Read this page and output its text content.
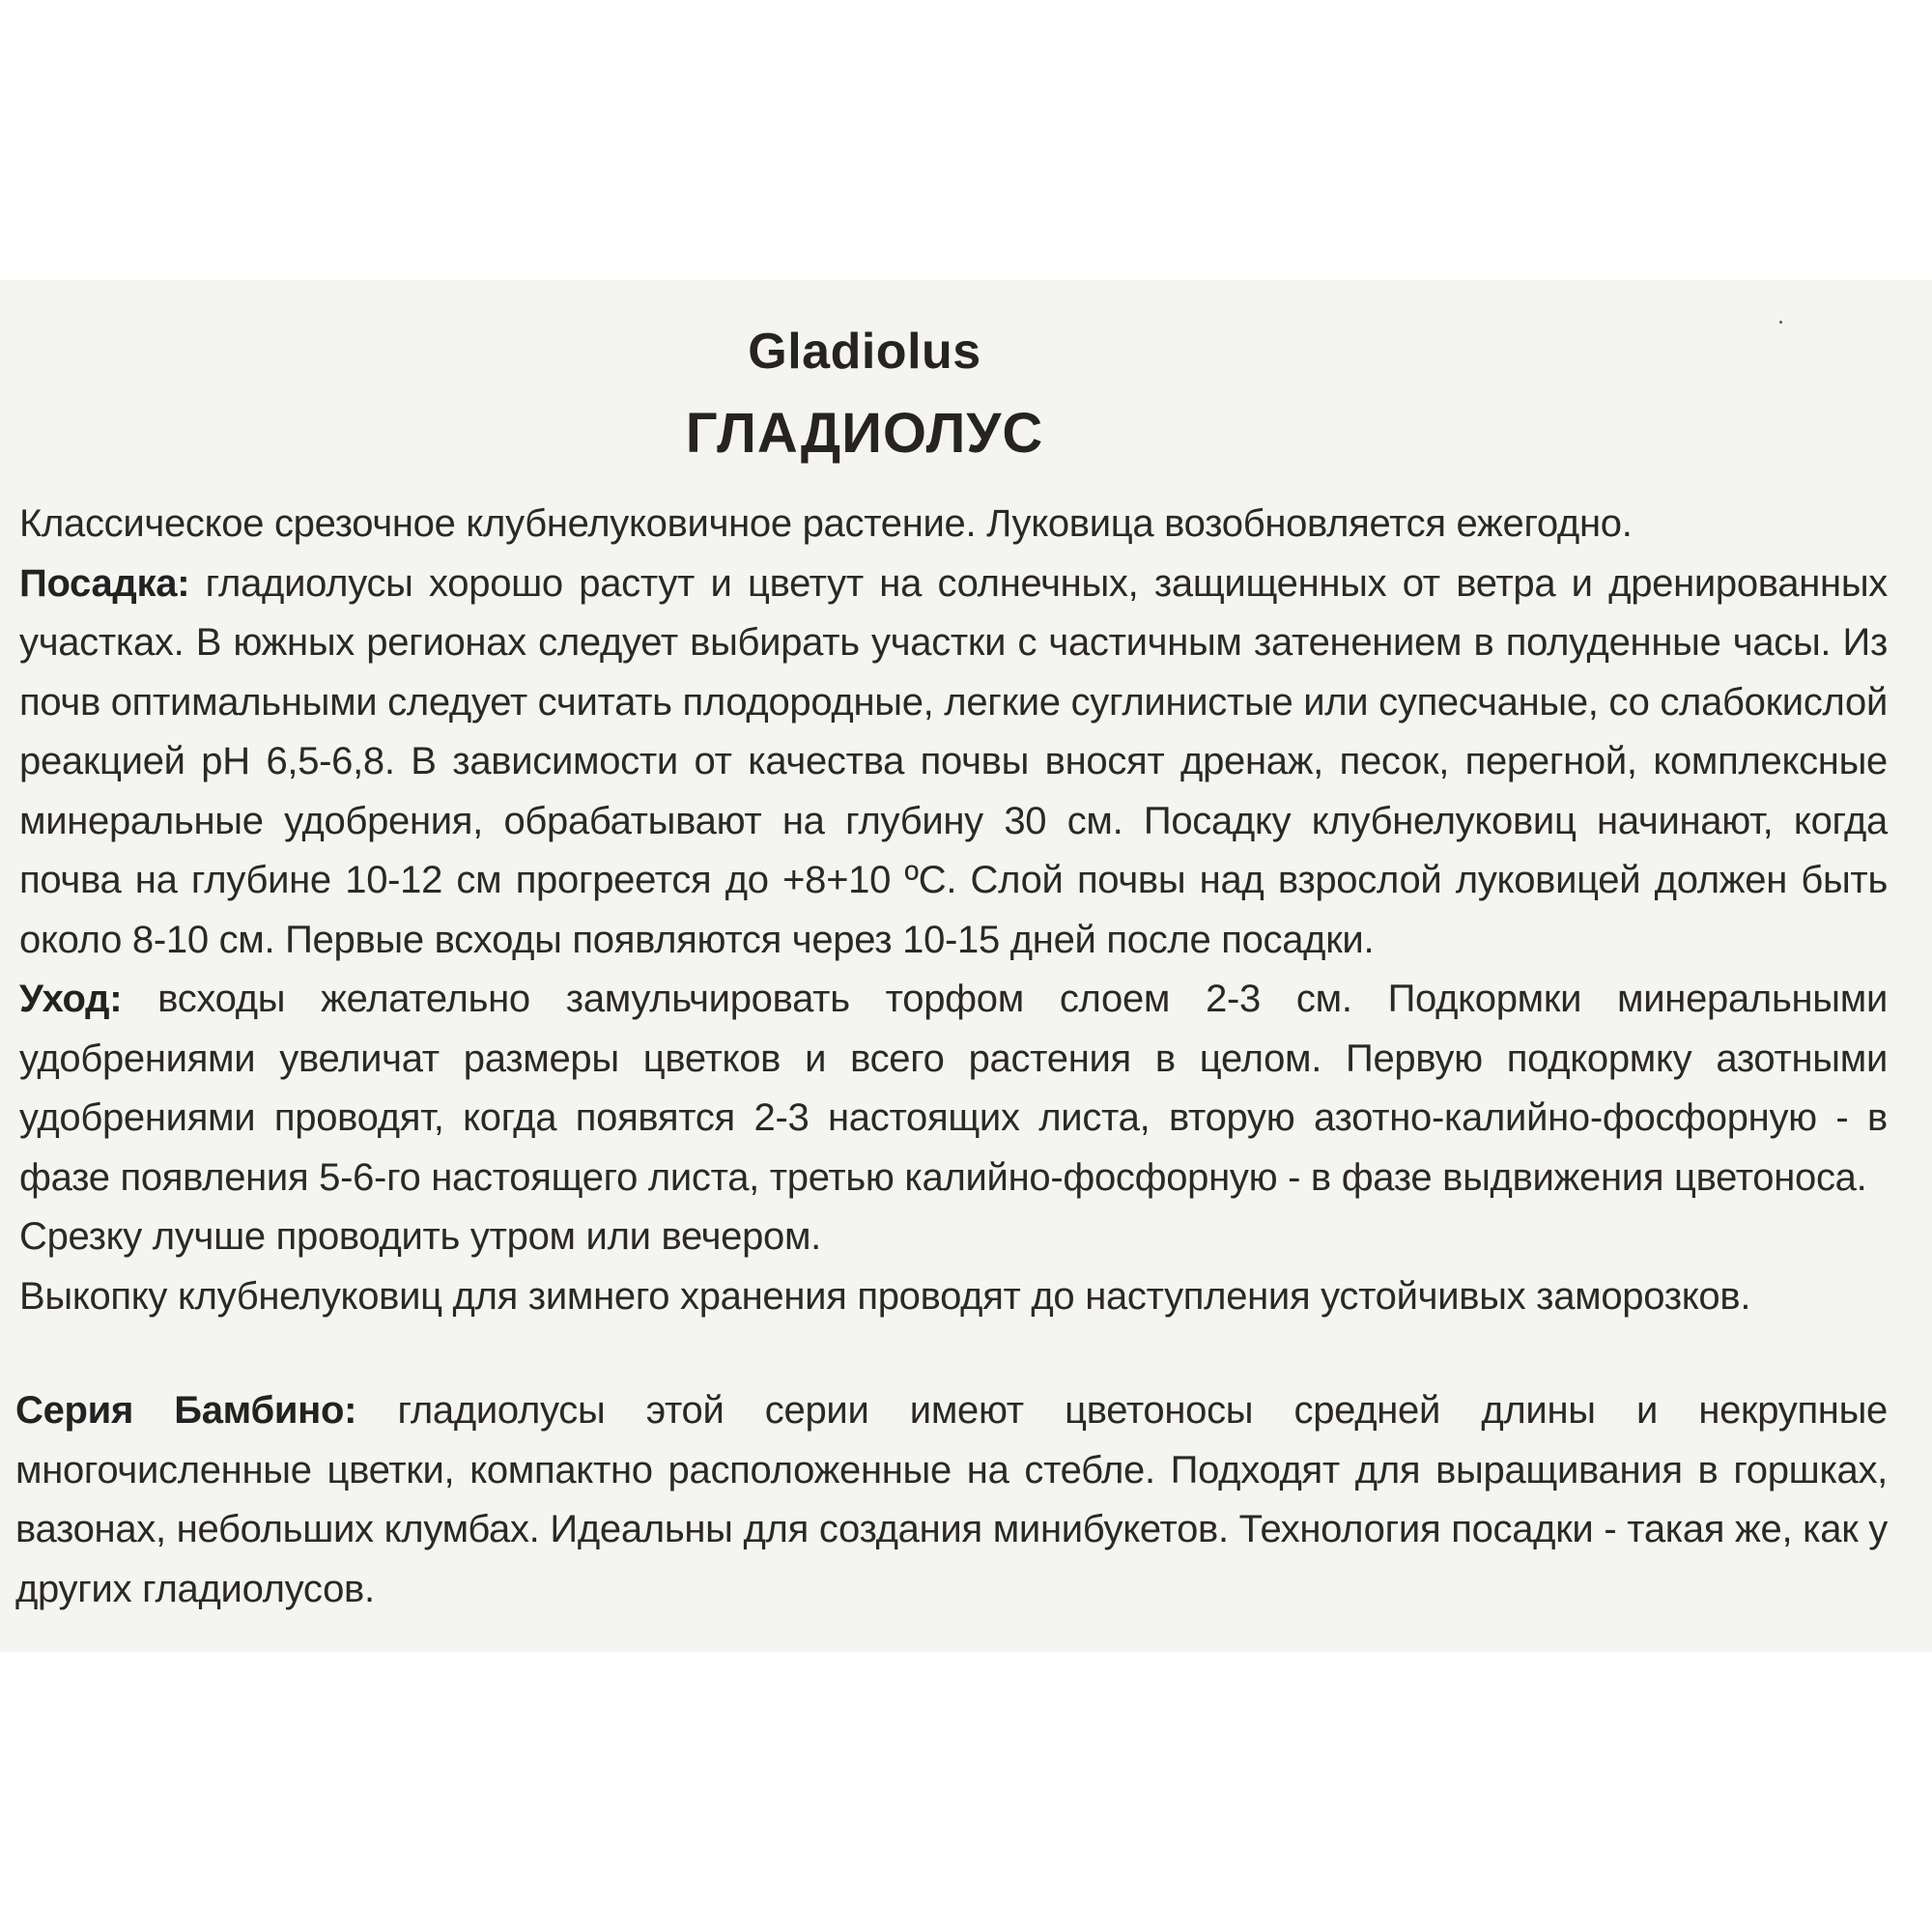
Gladiolus
ГЛАДИОЛУС

Классическое срезочное клубнелуковичное растение. Луковица возобновляется ежегодно.

Посадка: гладиолусы хорошо растут и цветут на солнечных, защищенных от ветра и дренированных участках. В южных регионах следует выбирать участки с частичным затенением в полуденные часы. Из почв оптимальными следует считать плодородные, легкие суглинистые или супесчаные, со слабокислой реакцией рН 6,5-6,8. В зависимости от качества почвы вносят дренаж, песок, перегной, комплексные минеральные удобрения, обрабатывают на глубину 30 см. Посадку клубнелуковиц начинают, когда почва на глубине 10-12 см прогреется до +8+10 ºС. Слой почвы над взрослой луковицей должен быть около 8-10 см. Первые всходы появляются через 10-15 дней после посадки.

Уход: всходы желательно замульчировать торфом слоем 2-3 см. Подкормки минеральными удобрениями увеличат размеры цветков и всего растения в целом. Первую подкормку азотными удобрениями проводят, когда появятся 2-3 настоящих листа, вторую азотно-калийно-фосфорную - в фазе появления 5-6-го настоящего листа, третью калийно-фосфорную - в фазе выдвижения цветоноса.

Срезку лучше проводить утром или вечером.

Выкопку клубнелуковиц для зимнего хранения проводят до наступления устойчивых заморозков.

Серия Бамбино: гладиолусы этой серии имеют цветоносы средней длины и некрупные многочисленные цветки, компактно расположенные на стебле. Подходят для выращивания в горшках, вазонах, небольших клумбах. Идеальны для создания минибукетов. Технология посадки - такая же, как у других гладиолусов.
